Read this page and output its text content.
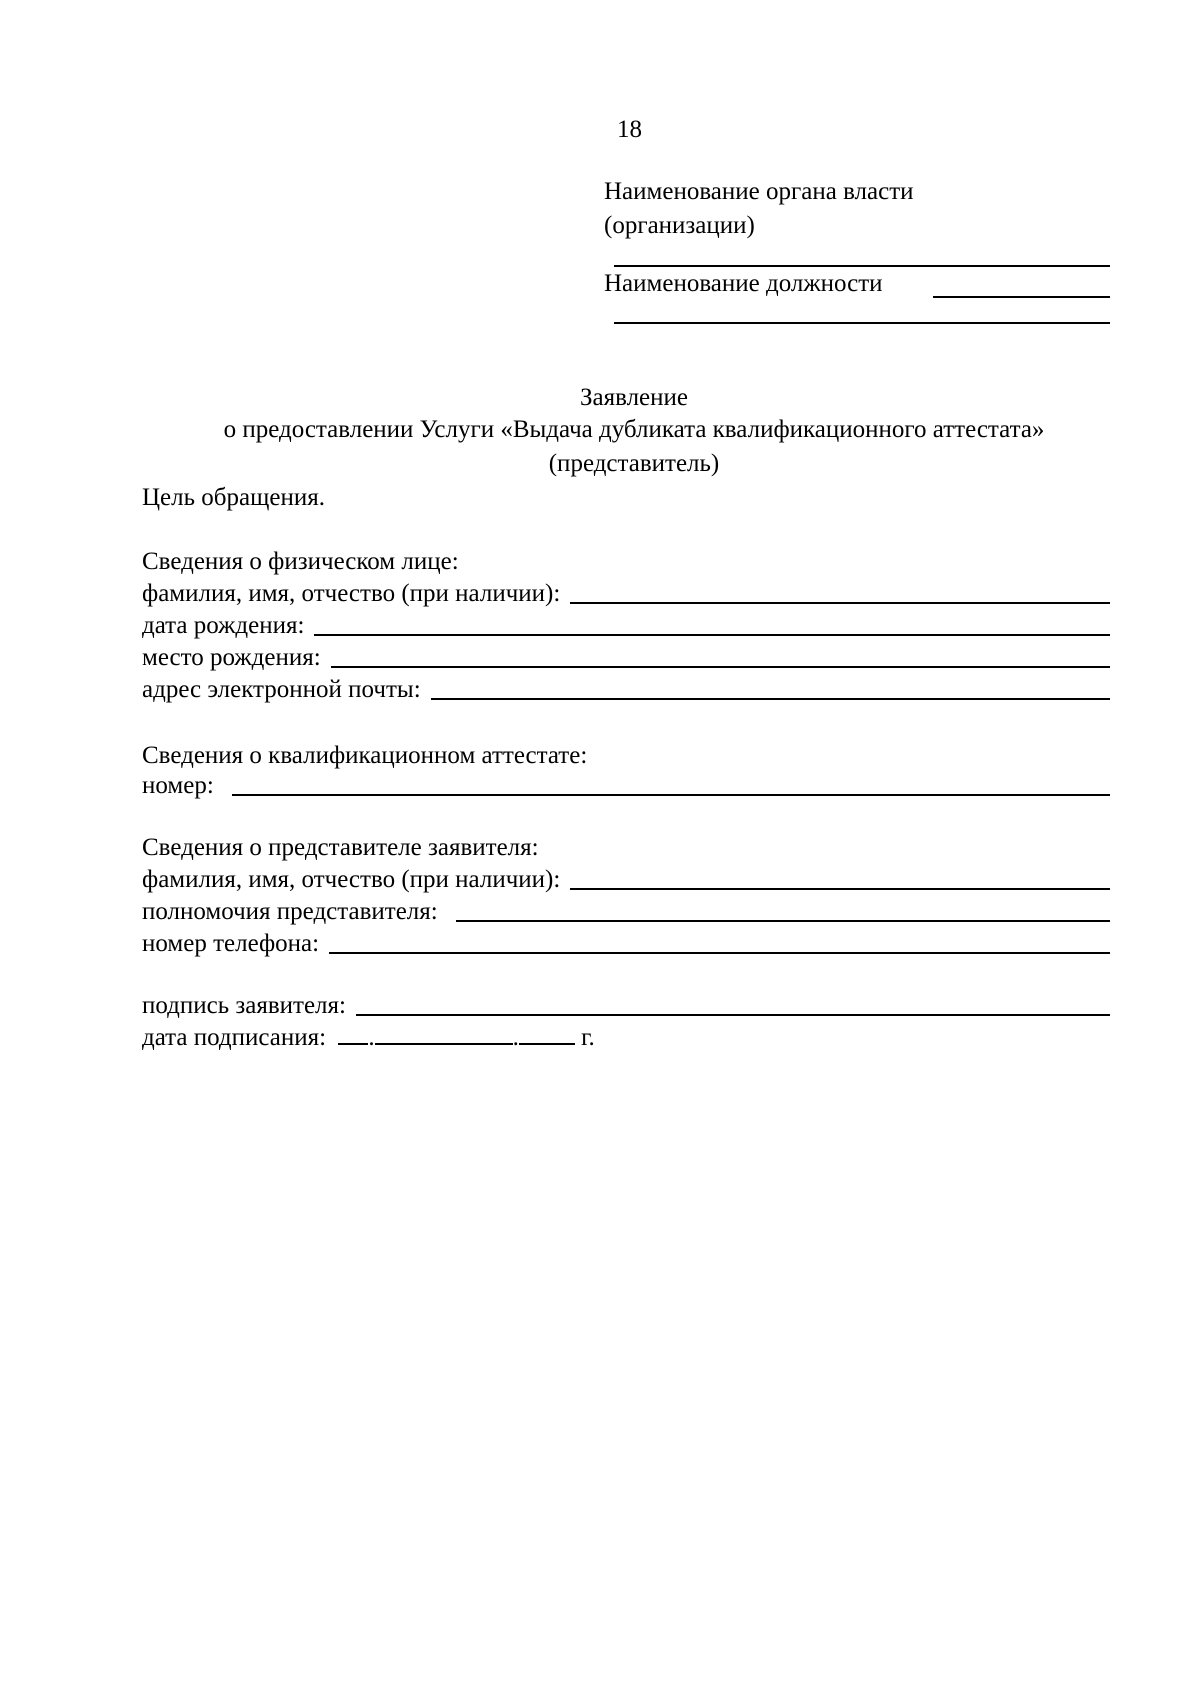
18
Наименование органа власти
(организации)
Наименование должности
Заявление
о предоставлении Услуги «Выдача дубликата квалификационного аттестата»
(представитель)
Цель обращения.
Сведения о физическом лице:
фамилия, имя, отчество (при наличии):
дата рождения:
место рождения:
адрес электронной почты:
Сведения о квалификационном аттестате:
номер:
Сведения о представителе заявителя:
фамилия, имя, отчество (при наличии):
полномочия представителя:
номер телефона:
подпись заявителя:
дата подписания: .	. г.
